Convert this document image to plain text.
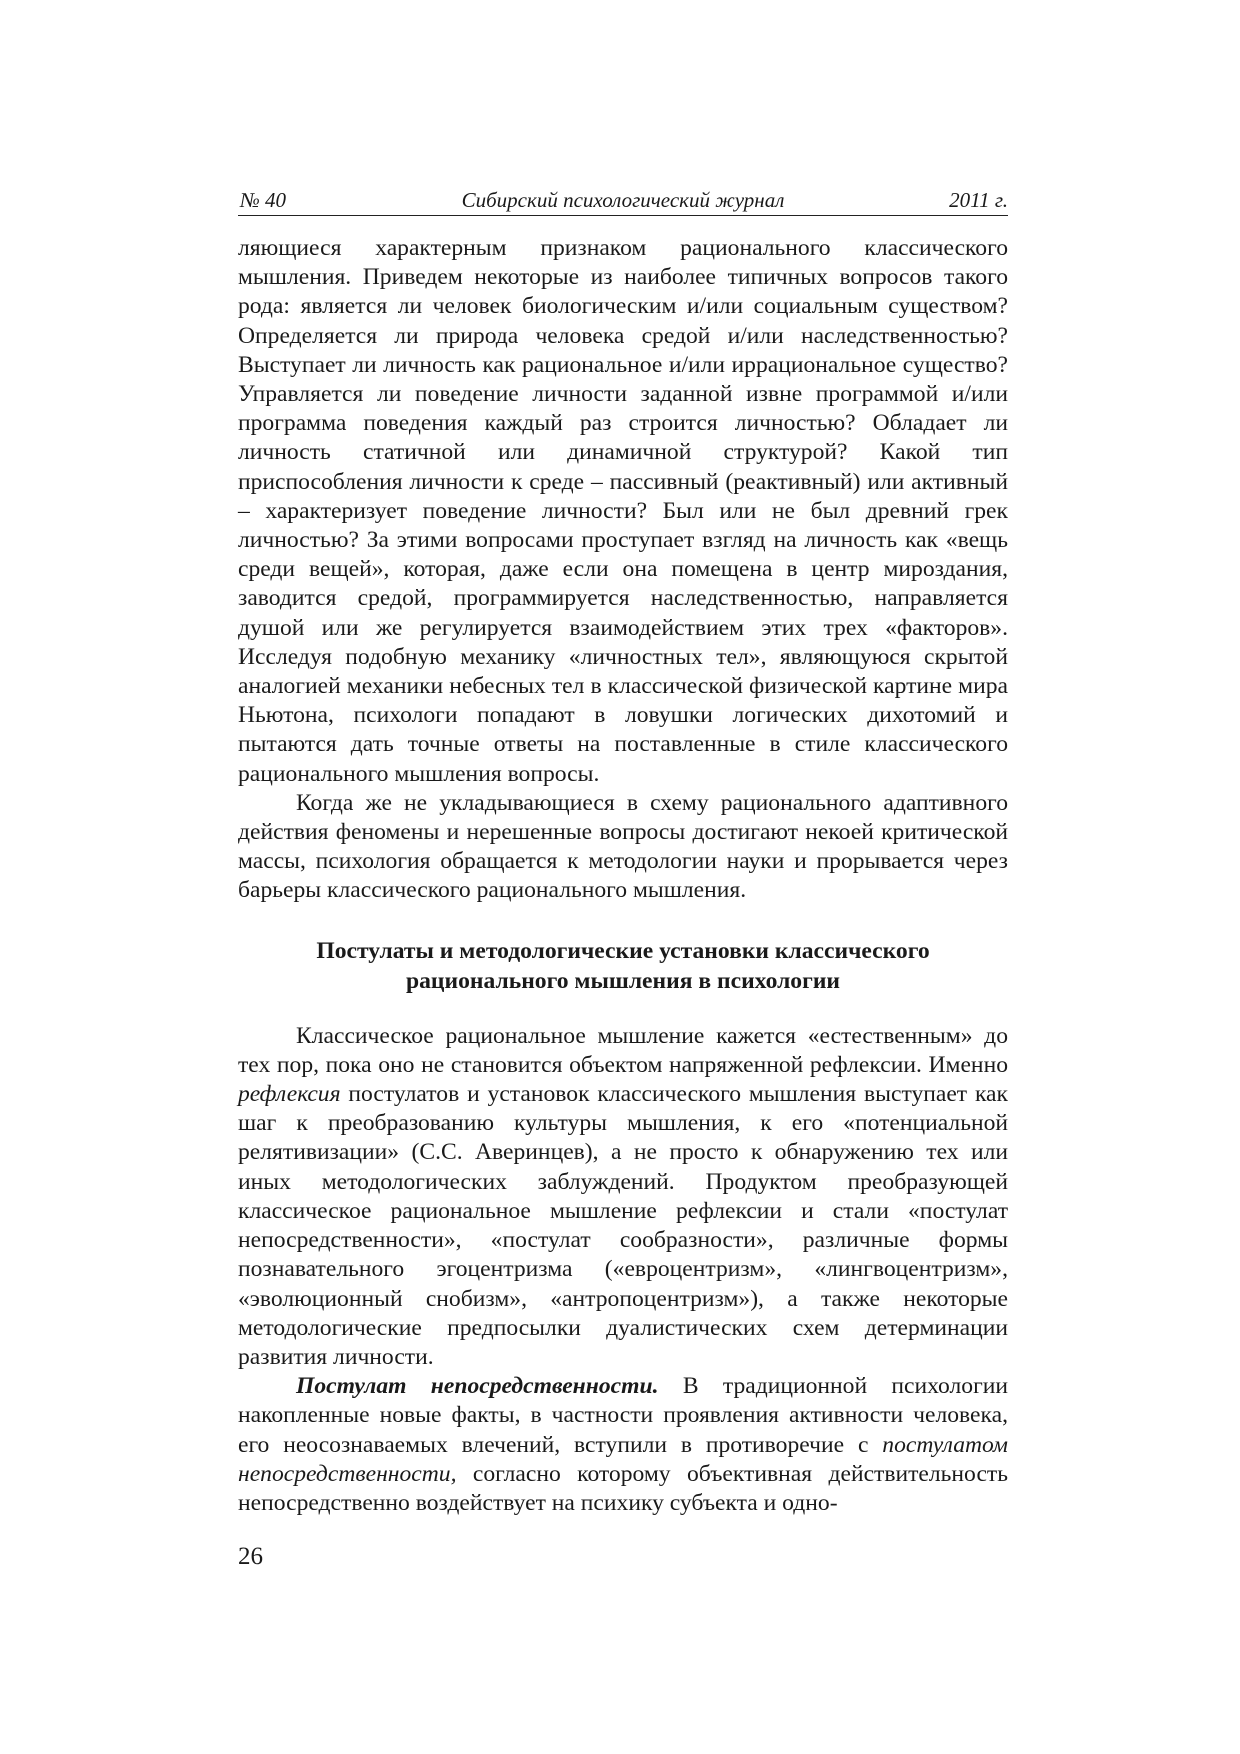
№ 40	Сибирский психологический журнал	2011 г.

ляющиеся характерным признаком рационального классического мышления. Приведем некоторые из наиболее типичных вопросов такого рода: является ли человек биологическим и/или социальным существом? Определяется ли природа человека средой и/или наследственностью? Выступает ли личность как рациональное и/или иррациональное существо? Управляется ли поведение личности заданной извне программой и/или программа поведения каждый раз строится личностью? Обладает ли личность статичной или динамичной структурой? Какой тип приспособления личности к среде – пассивный (реактивный) или активный – характеризует поведение личности? Был или не был древний грек личностью? За этими вопросами проступает взгляд на личность как «вещь среди вещей», которая, даже если она помещена в центр мироздания, заводится средой, программируется наследственностью, направляется душой или же регулируется взаимодействием этих трех «факторов». Исследуя подобную механику «личностных тел», являющуюся скрытой аналогией механики небесных тел в классической физической картине мира Ньютона, психологи попадают в ловушки логических дихотомий и пытаются дать точные ответы на поставленные в стиле классического рационального мышления вопросы.

Когда же не укладывающиеся в схему рационального адаптивного действия феномены и нерешенные вопросы достигают некоей критической массы, психология обращается к методологии науки и прорывается через барьеры классического рационального мышления.

Постулаты и методологические установки классического
рационального мышления в психологии

Классическое рациональное мышление кажется «естественным» до тех пор, пока оно не становится объектом напряженной рефлексии. Именно рефлексия постулатов и установок классического мышления выступает как шаг к преобразованию культуры мышления, к его «потенциальной релятивизации» (С.С. Аверинцев), а не просто к обнаружению тех или иных методологических заблуждений. Продуктом преобразующей классическое рациональное мышление рефлексии и стали «постулат непосредственности», «постулат сообразности», различные формы познавательного эгоцентризма («евроцентризм», «лингвоцентризм», «эволюционный снобизм», «антропоцентризм»), а также некоторые методологические предпосылки дуалистических схем детерминации развития личности.

Постулат непосредственности. В традиционной психологии накопленные новые факты, в частности проявления активности человека, его неосознаваемых влечений, вступили в противоречие с постулатом непосредственности, согласно которому объективная действительность непосредственно воздействует на психику субъекта и одно-

26
